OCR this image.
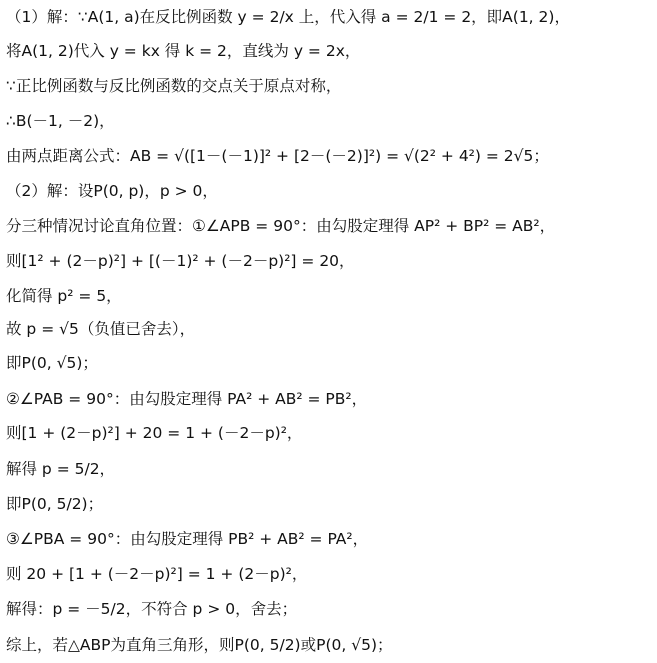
（1）解：∵A(1, a)在反比例函数 y = 2/x 上，代入得 a = 2/1 = 2，即A(1, 2)，
将A(1, 2)代入 y = kx 得 k = 2，直线为 y = 2x，
∵正比例函数与反比例函数的交点关于原点对称，
∴B(－1, －2)，
由两点距离公式：AB = √([1－(－1)]² + [2－(－2)]²) = √(2² + 4²) = 2√5；
（2）解：设P(0, p)，p > 0，
分三种情况讨论直角位置：①∠APB = 90°：由勾股定理得 AP² + BP² = AB²，
则[1² + (2－p)²] + [(－1)² + (－2－p)²] = 20，
化简得 p² = 5，
故 p = √5（负值已舍去），
即P(0, √5)；
②∠PAB = 90°：由勾股定理得 PA² + AB² = PB²，
则[1 + (2－p)²] + 20 = 1 + (－2－p)²，
解得 p = 5/2，
即P(0, 5/2)；
③∠PBA = 90°：由勾股定理得 PB² + AB² = PA²，
则 20 + [1 + (－2－p)²] = 1 + (2－p)²，
解得：p = －5/2，不符合 p > 0，舍去；
综上，若△ABP为直角三角形，则P(0, 5/2)或P(0, √5)；
